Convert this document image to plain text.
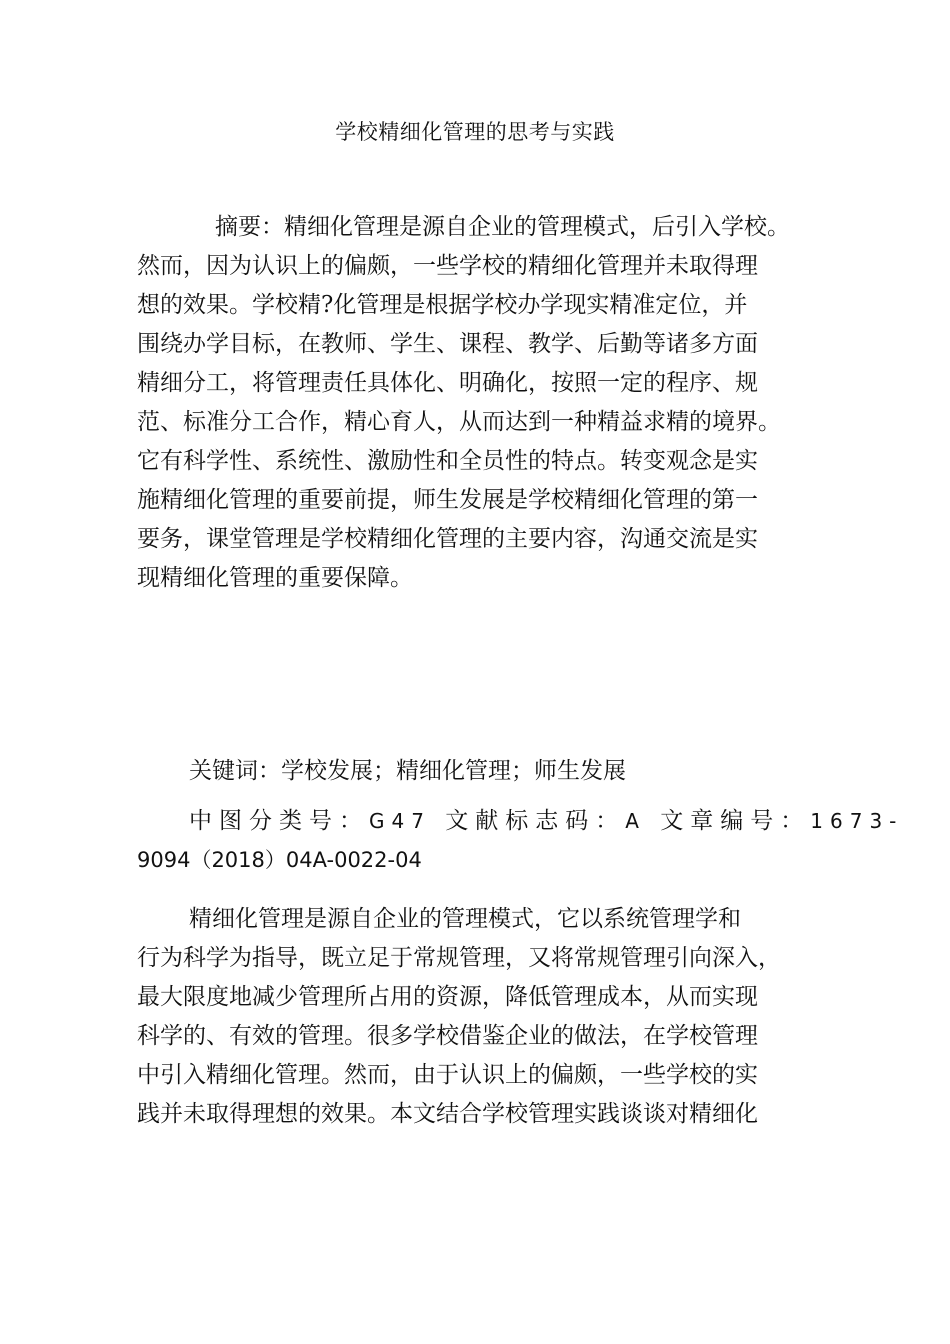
学校精细化管理的思考与实践
摘要：精细化管理是源自企业的管理模式，后引入学校。
然而，因为认识上的偏颇，一些学校的精细化管理并未取得理
想的效果。学校精?化管理是根据学校办学现实精准定位，并
围绕办学目标，在教师、学生、课程、教学、后勤等诸多方面
精细分工，将管理责任具体化、明确化，按照一定的程序、规
范、标准分工合作，精心育人，从而达到一种精益求精的境界。
它有科学性、系统性、激励性和全员性的特点。转变观念是实
施精细化管理的重要前提，师生发展是学校精细化管理的第一
要务，课堂管理是学校精细化管理的主要内容，沟通交流是实
现精细化管理的重要保障。
关键词：学校发展；精细化管理；师生发展
中图分类号：G47 文献标志码：A 文章编号：1673-
9094（2018）04A-0022-04
精细化管理是源自企业的管理模式，它以系统管理学和
行为科学为指导，既立足于常规管理，又将常规管理引向深入，
最大限度地减少管理所占用的资源，降低管理成本，从而实现
科学的、有效的管理。很多学校借鉴企业的做法，在学校管理
中引入精细化管理。然而，由于认识上的偏颇，一些学校的实
践并未取得理想的效果。本文结合学校管理实践谈谈对精细化
